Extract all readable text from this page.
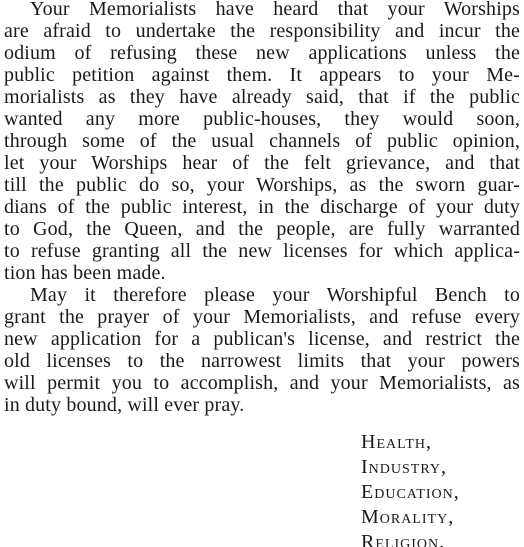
Your Memorialists have heard that your Worships
are afraid to undertake the responsibility and incur the
odium of refusing these new applications unless the
public petition against them. It appears to your Me-
morialists as they have already said, that if the public
wanted any more public-houses, they would soon,
through some of the usual channels of public opinion,
let your Worships hear of the felt grievance, and that
till the public do so, your Worships, as the sworn guar-
dians of the public interest, in the discharge of your duty
to God, the Queen, and the people, are fully warranted
to refuse granting all the new licenses for which applica-
tion has been made.
May it therefore please your Worshipful Bench to
grant the prayer of your Memorialists, and refuse every
new application for a publican's license, and restrict the
old licenses to the narrowest limits that your powers
will permit you to accomplish, and your Memorialists, as
in duty bound, will ever pray.
Health,
Industry,
Education,
Morality,
Religion.
